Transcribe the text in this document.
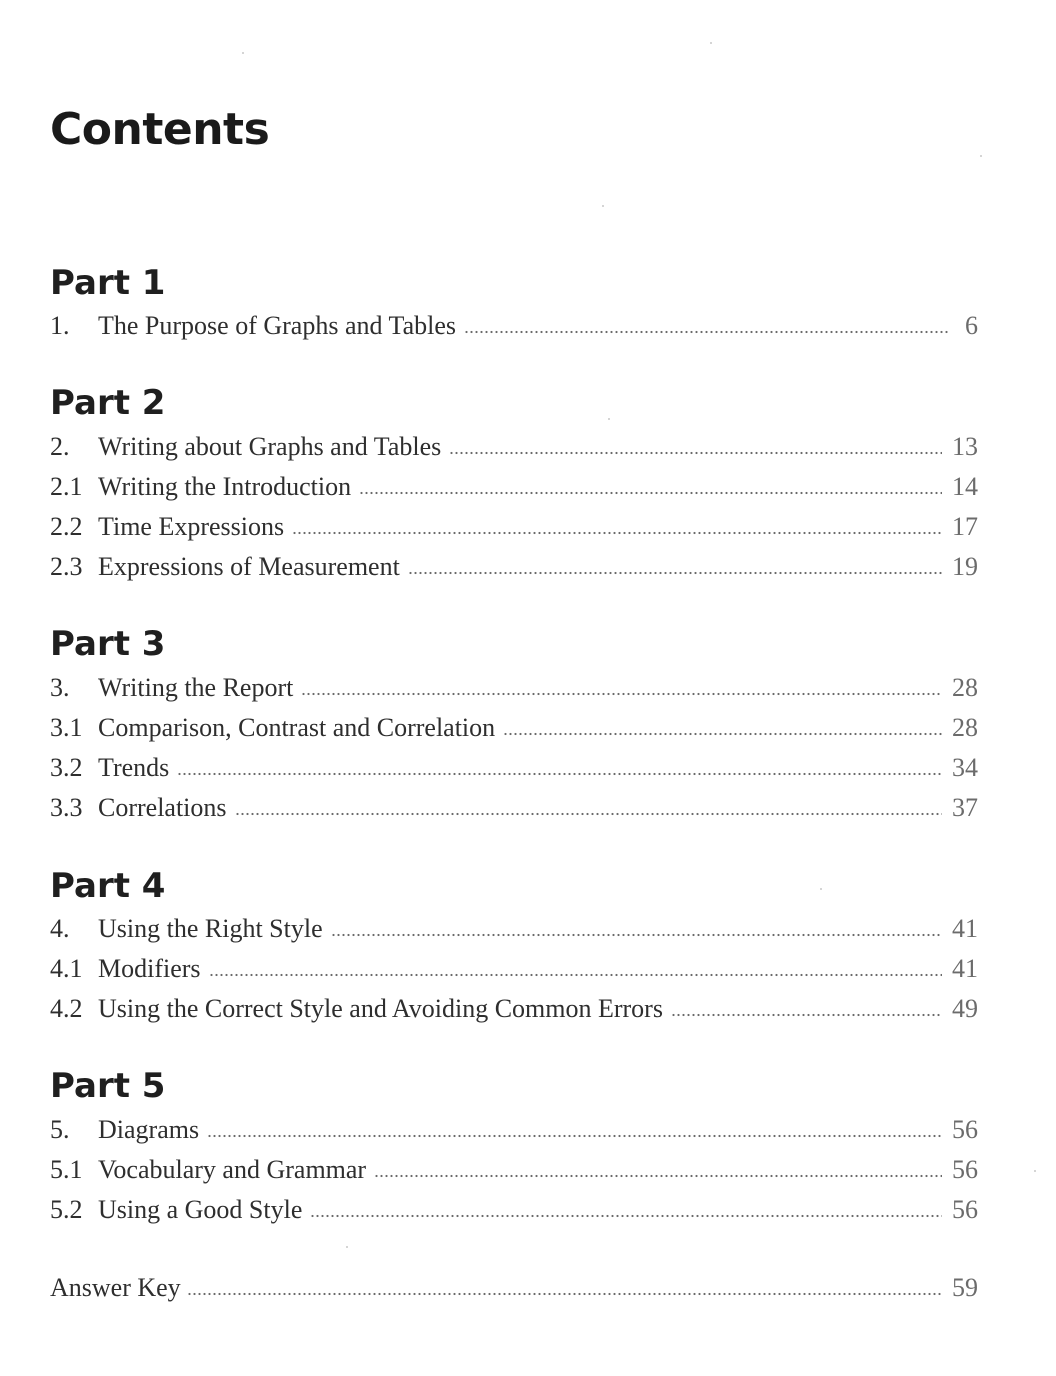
Contents
Part 1
1.	The Purpose of Graphs and Tables	6
Part 2
2.	Writing about Graphs and Tables	13
2.1 Writing the Introduction	14
2.2 Time Expressions	17
2.3 Expressions of Measurement	19
Part 3
3.	Writing the Report	28
3.1 Comparison, Contrast and Correlation	28
3.2 Trends	34
3.3 Correlations	37
Part 4
4.	Using the Right Style	41
4.1 Modifiers	41
4.2 Using the Correct Style and Avoiding Common Errors	49
Part 5
5.	Diagrams	56
5.1 Vocabulary and Grammar	56
5.2 Using a Good Style	56
Answer Key	59
